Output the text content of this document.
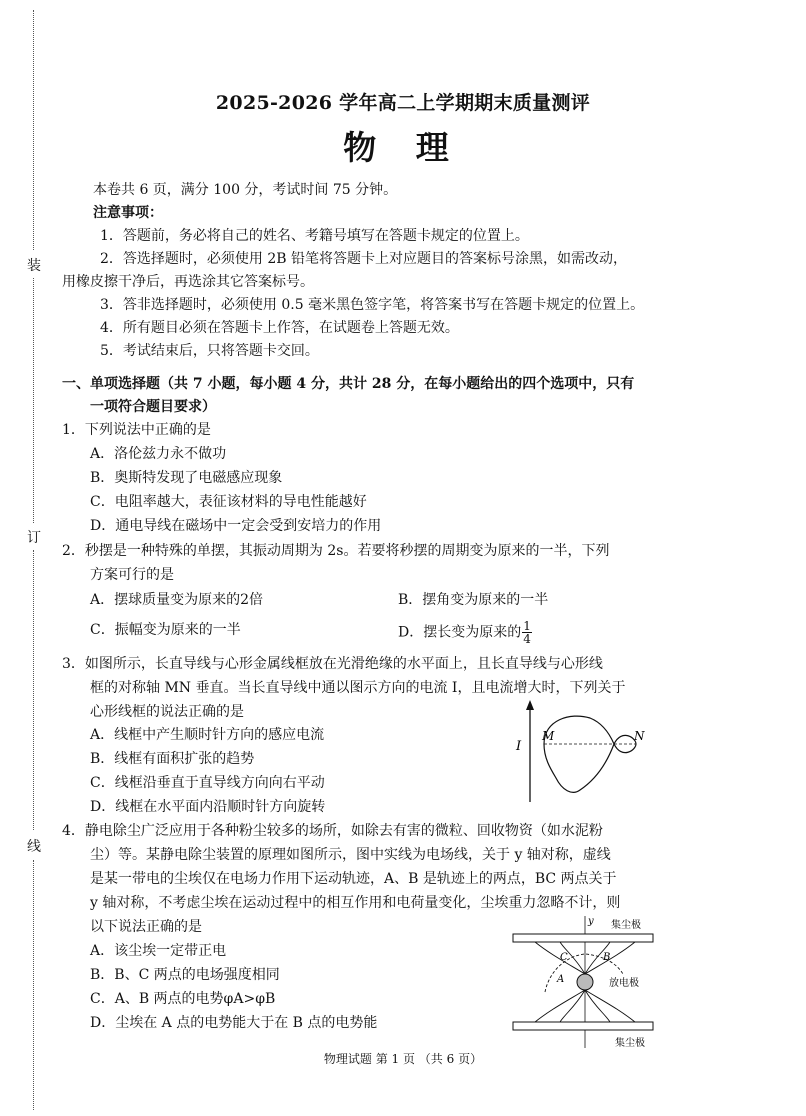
装
订
线
2025-2026 学年高二上学期期末质量测评
物 理
本卷共 6 页，满分 100 分，考试时间 75 分钟。
注意事项：
1．答题前，务必将自己的姓名、考籍号填写在答题卡规定的位置上。
2．答选择题时，必须使用 2B 铅笔将答题卡上对应题目的答案标号涂黑，如需改动，
用橡皮擦干净后，再选涂其它答案标号。
3．答非选择题时，必须使用 0.5 毫米黑色签字笔，将答案书写在答题卡规定的位置上。
4．所有题目必须在答题卡上作答，在试题卷上答题无效。
5．考试结束后，只将答题卡交回。
一、单项选择题（共 7 小题，每小题 4 分，共计 28 分，在每小题给出的四个选项中，只有
一项符合题目要求）
1．下列说法中正确的是
A．洛伦兹力永不做功
B．奥斯特发现了电磁感应现象
C．电阻率越大，表征该材料的导电性能越好
D．通电导线在磁场中一定会受到安培力的作用
2．秒摆是一种特殊的单摆，其振动周期为 2s。若要将秒摆的周期变为原来的一半，下列
方案可行的是
A．摆球质量变为原来的2倍	B．摆角变为原来的一半
C．振幅变为原来的一半	D．摆长变为原来的 $\frac{1}{4}$
3．如图所示，长直导线与心形金属线框放在光滑绝缘的水平面上，且长直导线与心形线
框的对称轴 MN 垂直。当长直导线中通以图示方向的电流 I，且电流增大时，下列关于
心形线框的说法正确的是
A．线框中产生顺时针方向的感应电流
B．线框有面积扩张的趋势
C．线框沿垂直于直导线方向向右平动
D．线框在水平面内沿顺时针方向旋转
I
M	N
4．静电除尘广泛应用于各种粉尘较多的场所，如除去有害的微粒、回收物资（如水泥粉
尘）等。某静电除尘装置的原理如图所示，图中实线为电场线，关于 y 轴对称，虚线
是某一带电的尘埃仅在电场力作用下运动轨迹，A、B 是轨迹上的两点，BC 两点关于
y 轴对称，不考虑尘埃在运动过程中的相互作用和电荷量变化，尘埃重力忽略不计，则
以下说法正确的是
A．该尘埃一定带正电
B．B、C 两点的电场强度相同
C．A、B 两点的电势φA>φB
D．尘埃在 A 点的电势能大于在 B 点的电势能
y 集尘极
集尘极
放电极
A
B
C
物理试题 第 1 页 （共 6 页）
